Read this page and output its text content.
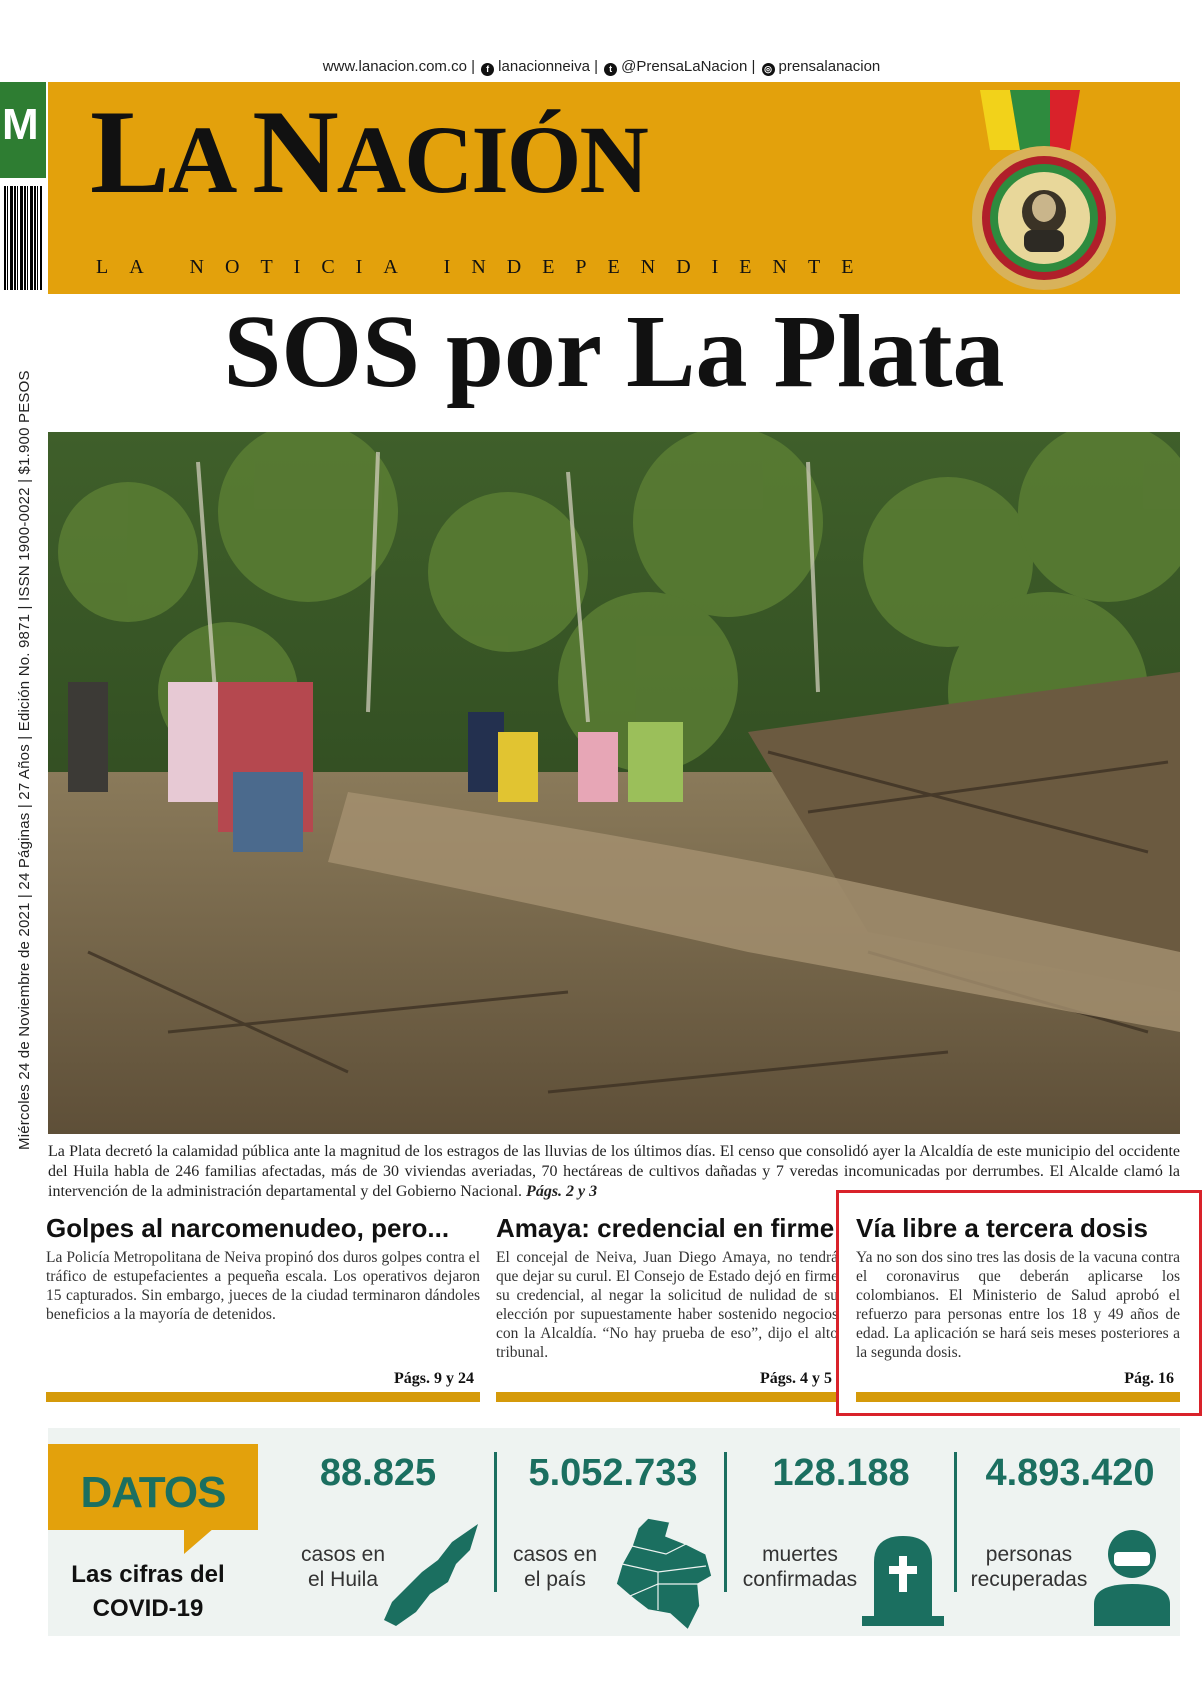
www.lanacion.com.co | f lanacionneiva | t @PrensaLaNacion | ◎ prensalanacion
M
Miércoles 24 de Noviembre de 2021 | 24 Páginas | 27 Años | Edición No. 9871 | ISSN 1900-0022 | $1.900 PESOS
LA NACIÓN
LA NOTICIA INDEPENDIENTE
SOS por La Plata
La Plata decretó la calamidad pública ante la magnitud de los estragos de las lluvias de los últimos días. El censo que consolidó ayer la Alcaldía de este municipio del occidente del Huila habla de 246 familias afectadas, más de 30 viviendas averiadas, 70 hectáreas de cultivos dañadas y 7 veredas incomunicadas por derrumbes. El Alcalde clamó la intervención de la administración departamental y del Gobierno Nacional. Págs. 2 y 3
Golpes al narcomenudeo, pero...

La Policía Metropolitana de Neiva propinó dos duros golpes contra el tráfico de estupefacientes a pequeña escala. Los operativos dejaron 15 capturados. Sin embargo, jueces de la ciudad terminaron dándoles beneficios a la mayoría de detenidos.

Págs. 9 y 24
Amaya: credencial en firme

El concejal de Neiva, Juan Diego Amaya, no tendrá que dejar su curul. El Consejo de Estado dejó en firme su credencial, al negar la solicitud de nulidad de su elección por supuestamente haber sostenido negocios con la Alcaldía. “No hay prueba de eso”, dijo el alto tribunal.

Págs. 4 y 5
Vía libre a tercera dosis

Ya no son dos sino tres las dosis de la vacuna contra el coronavirus que deberán aplicarse los colombianos. El Ministerio de Salud aprobó el refuerzo para personas entre los 18 y 49 años de edad. La aplicación se hará seis meses posteriores a la segunda dosis.

Pág. 16
DATOS
Las cifras del COVID-19
88.825
casos en
el Huila
5.052.733
casos en
el país
128.188
muertes
confirmadas
4.893.420
personas
recuperadas
